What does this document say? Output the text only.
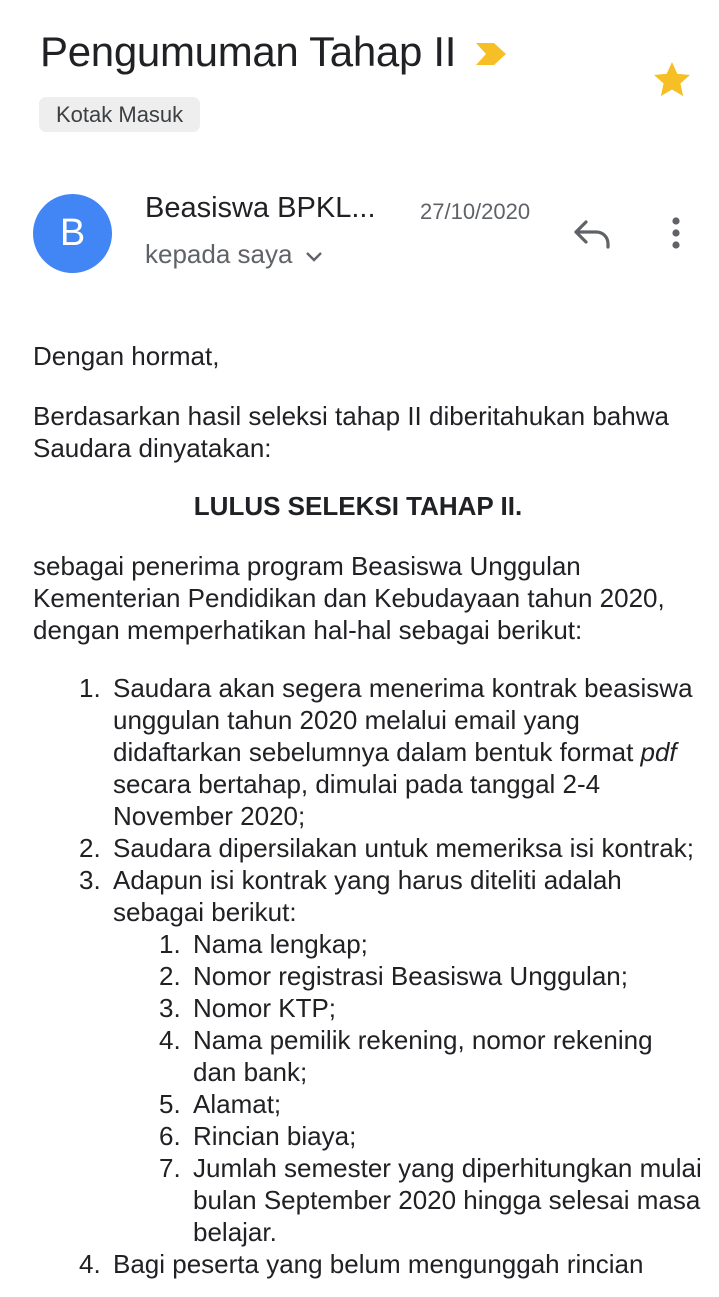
Pengumuman Tahap II
Kotak Masuk
B
Beasiswa BPKL... 27/10/2020
kepada saya

Dengan hormat,

Berdasarkan hasil seleksi tahap II diberitahukan bahwa Saudara dinyatakan:

LULUS SELEKSI TAHAP II.

sebagai penerima program Beasiswa Unggulan Kementerian Pendidikan dan Kebudayaan tahun 2020, dengan memperhatikan hal-hal sebagai berikut:

1. Saudara akan segera menerima kontrak beasiswa unggulan tahun 2020 melalui email yang didaftarkan sebelumnya dalam bentuk format pdf secara bertahap, dimulai pada tanggal 2-4 November 2020;
2. Saudara dipersilakan untuk memeriksa isi kontrak;
3. Adapun isi kontrak yang harus diteliti adalah sebagai berikut:
1. Nama lengkap;
2. Nomor registrasi Beasiswa Unggulan;
3. Nomor KTP;
4. Nama pemilik rekening, nomor rekening dan bank;
5. Alamat;
6. Rincian biaya;
7. Jumlah semester yang diperhitungkan mulai bulan September 2020 hingga selesai masa belajar.
4. Bagi peserta yang belum mengunggah rincian
